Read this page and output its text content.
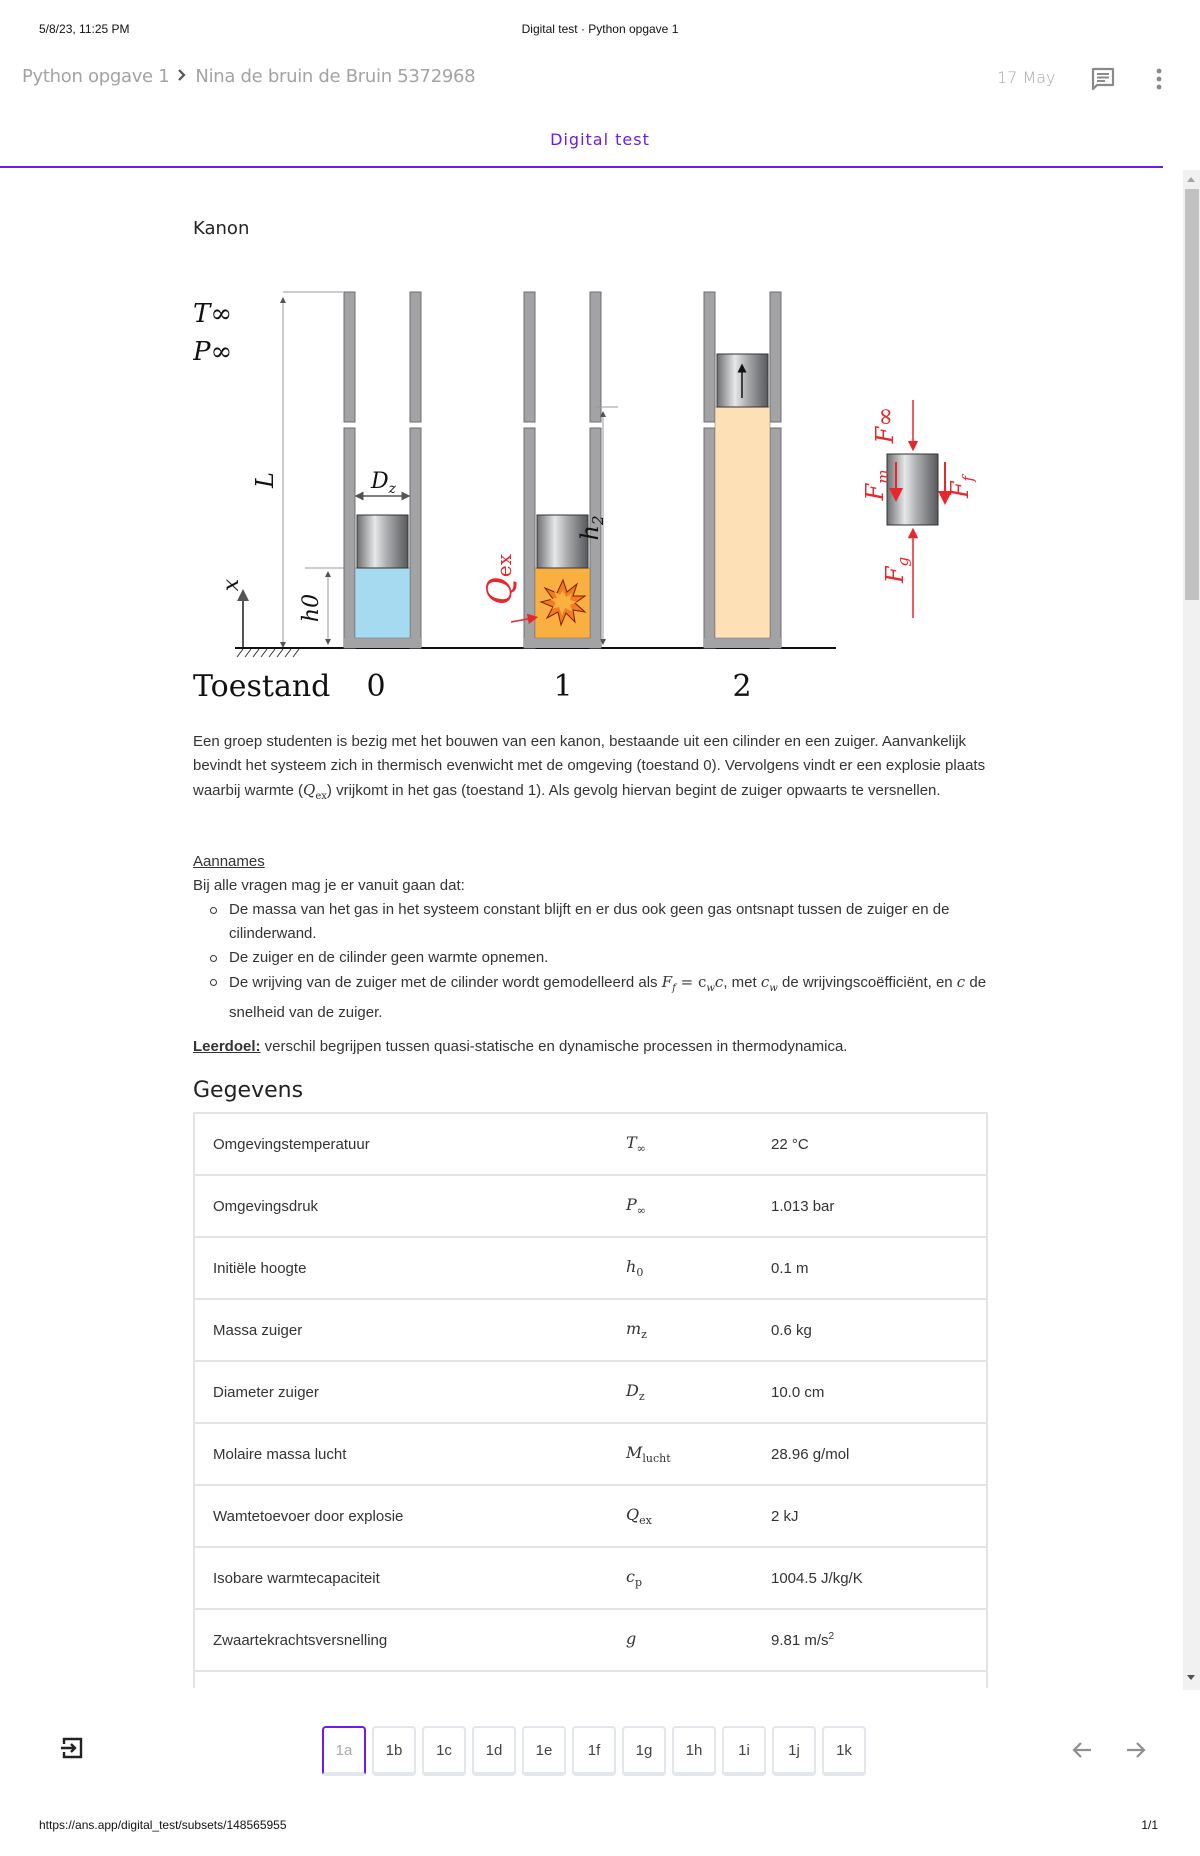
5/8/23, 11:25 PM	Digital test · Python opgave 1
Python opgave 1 Nina de bruin de Bruin 5372968	17 May
Digital test
Kanon
T∞
P∞
L
x
h0
$D_z$
Qex
$h_2$
F∞
$F_m$
$F_f$
$F_g$
Toestand 0	1	2

Een groep studenten is bezig met het bouwen van een kanon, bestaande uit een cilinder en een zuiger. Aanvankelijk bevindt het systeem zich in thermisch evenwicht met de omgeving (toestand 0). Vervolgens vindt er een explosie plaats waarbij warmte $(Q_{ex})$ vrijkomt in het gas (toestand 1). Als gevolg hiervan begint de zuiger opwaarts te versnellen.

Aannames
Bij alle vragen mag je er vanuit gaan dat:
De massa van het gas in het systeem constant blijft en er dus ook geen gas ontsnapt tussen de zuiger en de cilinderwand.
De zuiger en de cilinder geen warmte opnemen.
De wrijving van de zuiger met de cilinder wordt gemodelleerd als $F_f = c_wc$, met $c_w$ de wrijvingscoëfficiënt, en c de snelheid van de zuiger.

Leerdoel: verschil begrijpen tussen quasi-statische en dynamische processen in thermodynamica.

Gegevens
Omgevingstemperatuur	$T_\infty$	22 °C
Omgevingsdruk	$P_\infty$	1.013 bar
Initiële hoogte	$h_0$	0.1 m
Massa zuiger	$m_z$	0.6 kg
Diameter zuiger	$D_z$	10.0 cm
Molaire massa lucht	$M_{lucht}$	28.96 g/mol
Wamtetoevoer door explosie	$Q_{ex}$	2 kJ
Isobare warmtecapaciteit	$c_p$	1004.5 J/kg/K
Zwaartekrachtsversnelling	g	9.81 $m/s^2$

1a	1b	1c	1d	1e	1f	1g	1h	1i	1j	1k
https://ans.app/digital_test/subsets/148565955	1/1
